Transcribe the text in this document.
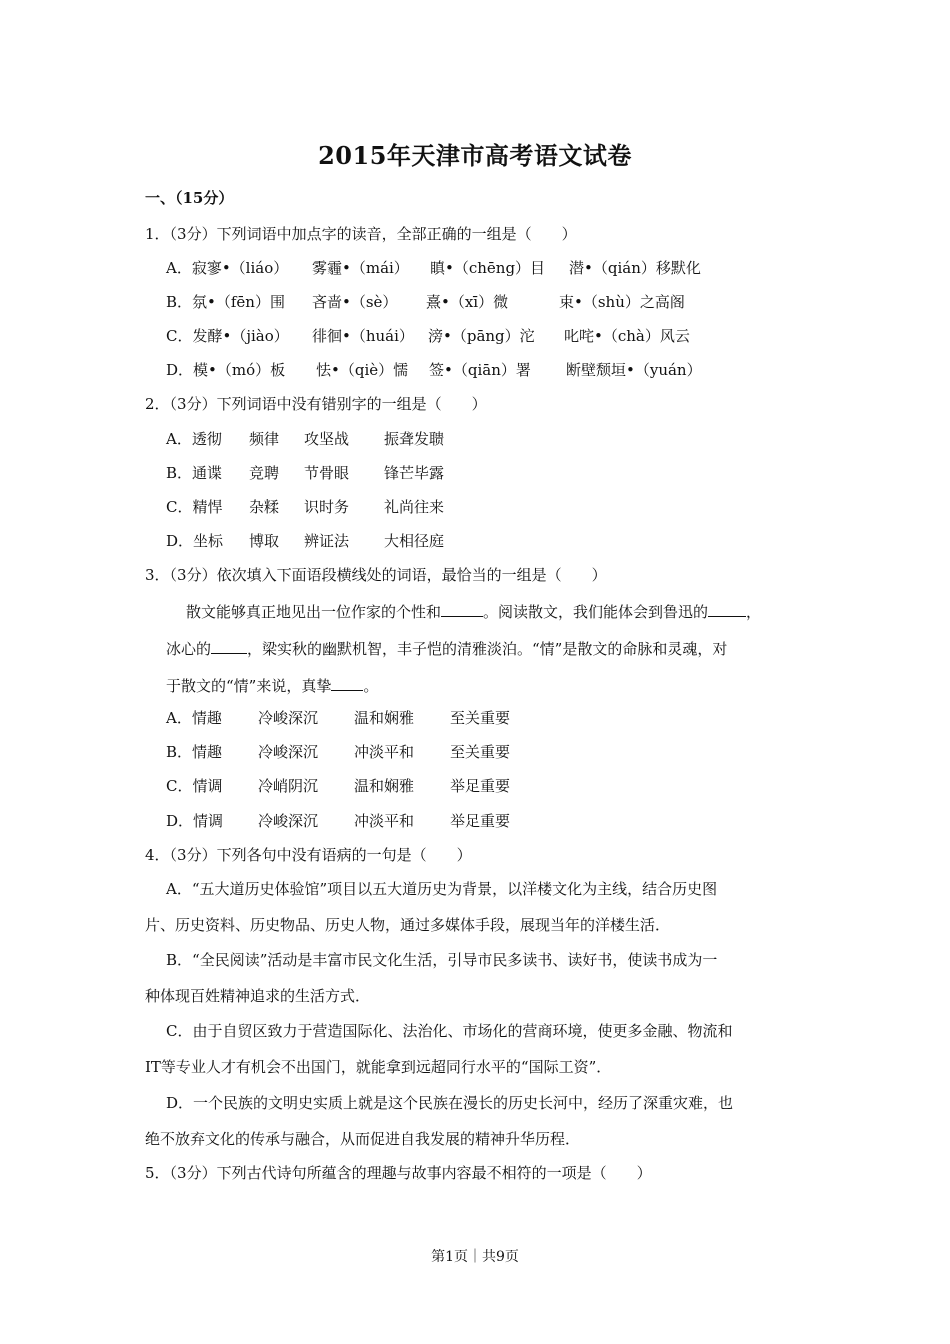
2015年天津市高考语文试卷
一、（15分）
1．（3分）下列词语中加点字的读音，全部正确的一组是（　　）
A．寂寥•（liáo） 雾霾•（mái） 瞋•（chēng）目 潜•（qián）移默化
B．氛•（fēn）围 吝啬•（sè） 熹•（xī）微	束•（shù）之高阁
C．发酵•（jiào） 徘徊•（huái） 滂•（pāng）沱 叱咤•（chà）风云
D．模•（mó）板 怯•（qiè）懦 签•（qiān）署 断壁颓垣•（yuán）
2．（3分）下列词语中没有错别字的一组是（　　）
A．透彻 频律 攻坚战 振聋发聩
B．通谍 竞聘 节骨眼 锋芒毕露
C．精悍 杂糅 识时务 礼尚往来
D．坐标 博取 辨证法 大相径庭
3．（3分）依次填入下面语段横线处的词语，最恰当的一组是（　　）
散文能够真正地见出一位作家的个性和	。阅读散文，我们能体会到鲁迅的	，
冰心的 ，梁实秋的幽默机智，丰子恺的清雅淡泊。“情”是散文的命脉和灵魂，对
于散文的“情”来说，真挚 。
A．情趣 冷峻深沉 温和娴雅 至关重要
B．情趣 冷峻深沉 冲淡平和 至关重要
C．情调 冷峭阴沉 温和娴雅 举足重要
D．情调 冷峻深沉 冲淡平和 举足重要
4．（3分）下列各句中没有语病的一句是（　　）
A．“五大道历史体验馆”项目以五大道历史为背景，以洋楼文化为主线，结合历史图
片、历史资料、历史物品、历史人物，通过多媒体手段，展现当年的洋楼生活．
B．“全民阅读”活动是丰富市民文化生活，引导市民多读书、读好书，使读书成为一
种体现百姓精神追求的生活方式．
C．由于自贸区致力于营造国际化、法治化、市场化的营商环境，使更多金融、物流和
IT等专业人才有机会不出国门，就能拿到远超同行水平的“国际工资”．
D．一个民族的文明史实质上就是这个民族在漫长的历史长河中，经历了深重灾难，也
绝不放弃文化的传承与融合，从而促进自我发展的精神升华历程．
5．（3分）下列古代诗句所蕴含的理趣与故事内容最不相符的一项是（　　）
第1页｜共9页
